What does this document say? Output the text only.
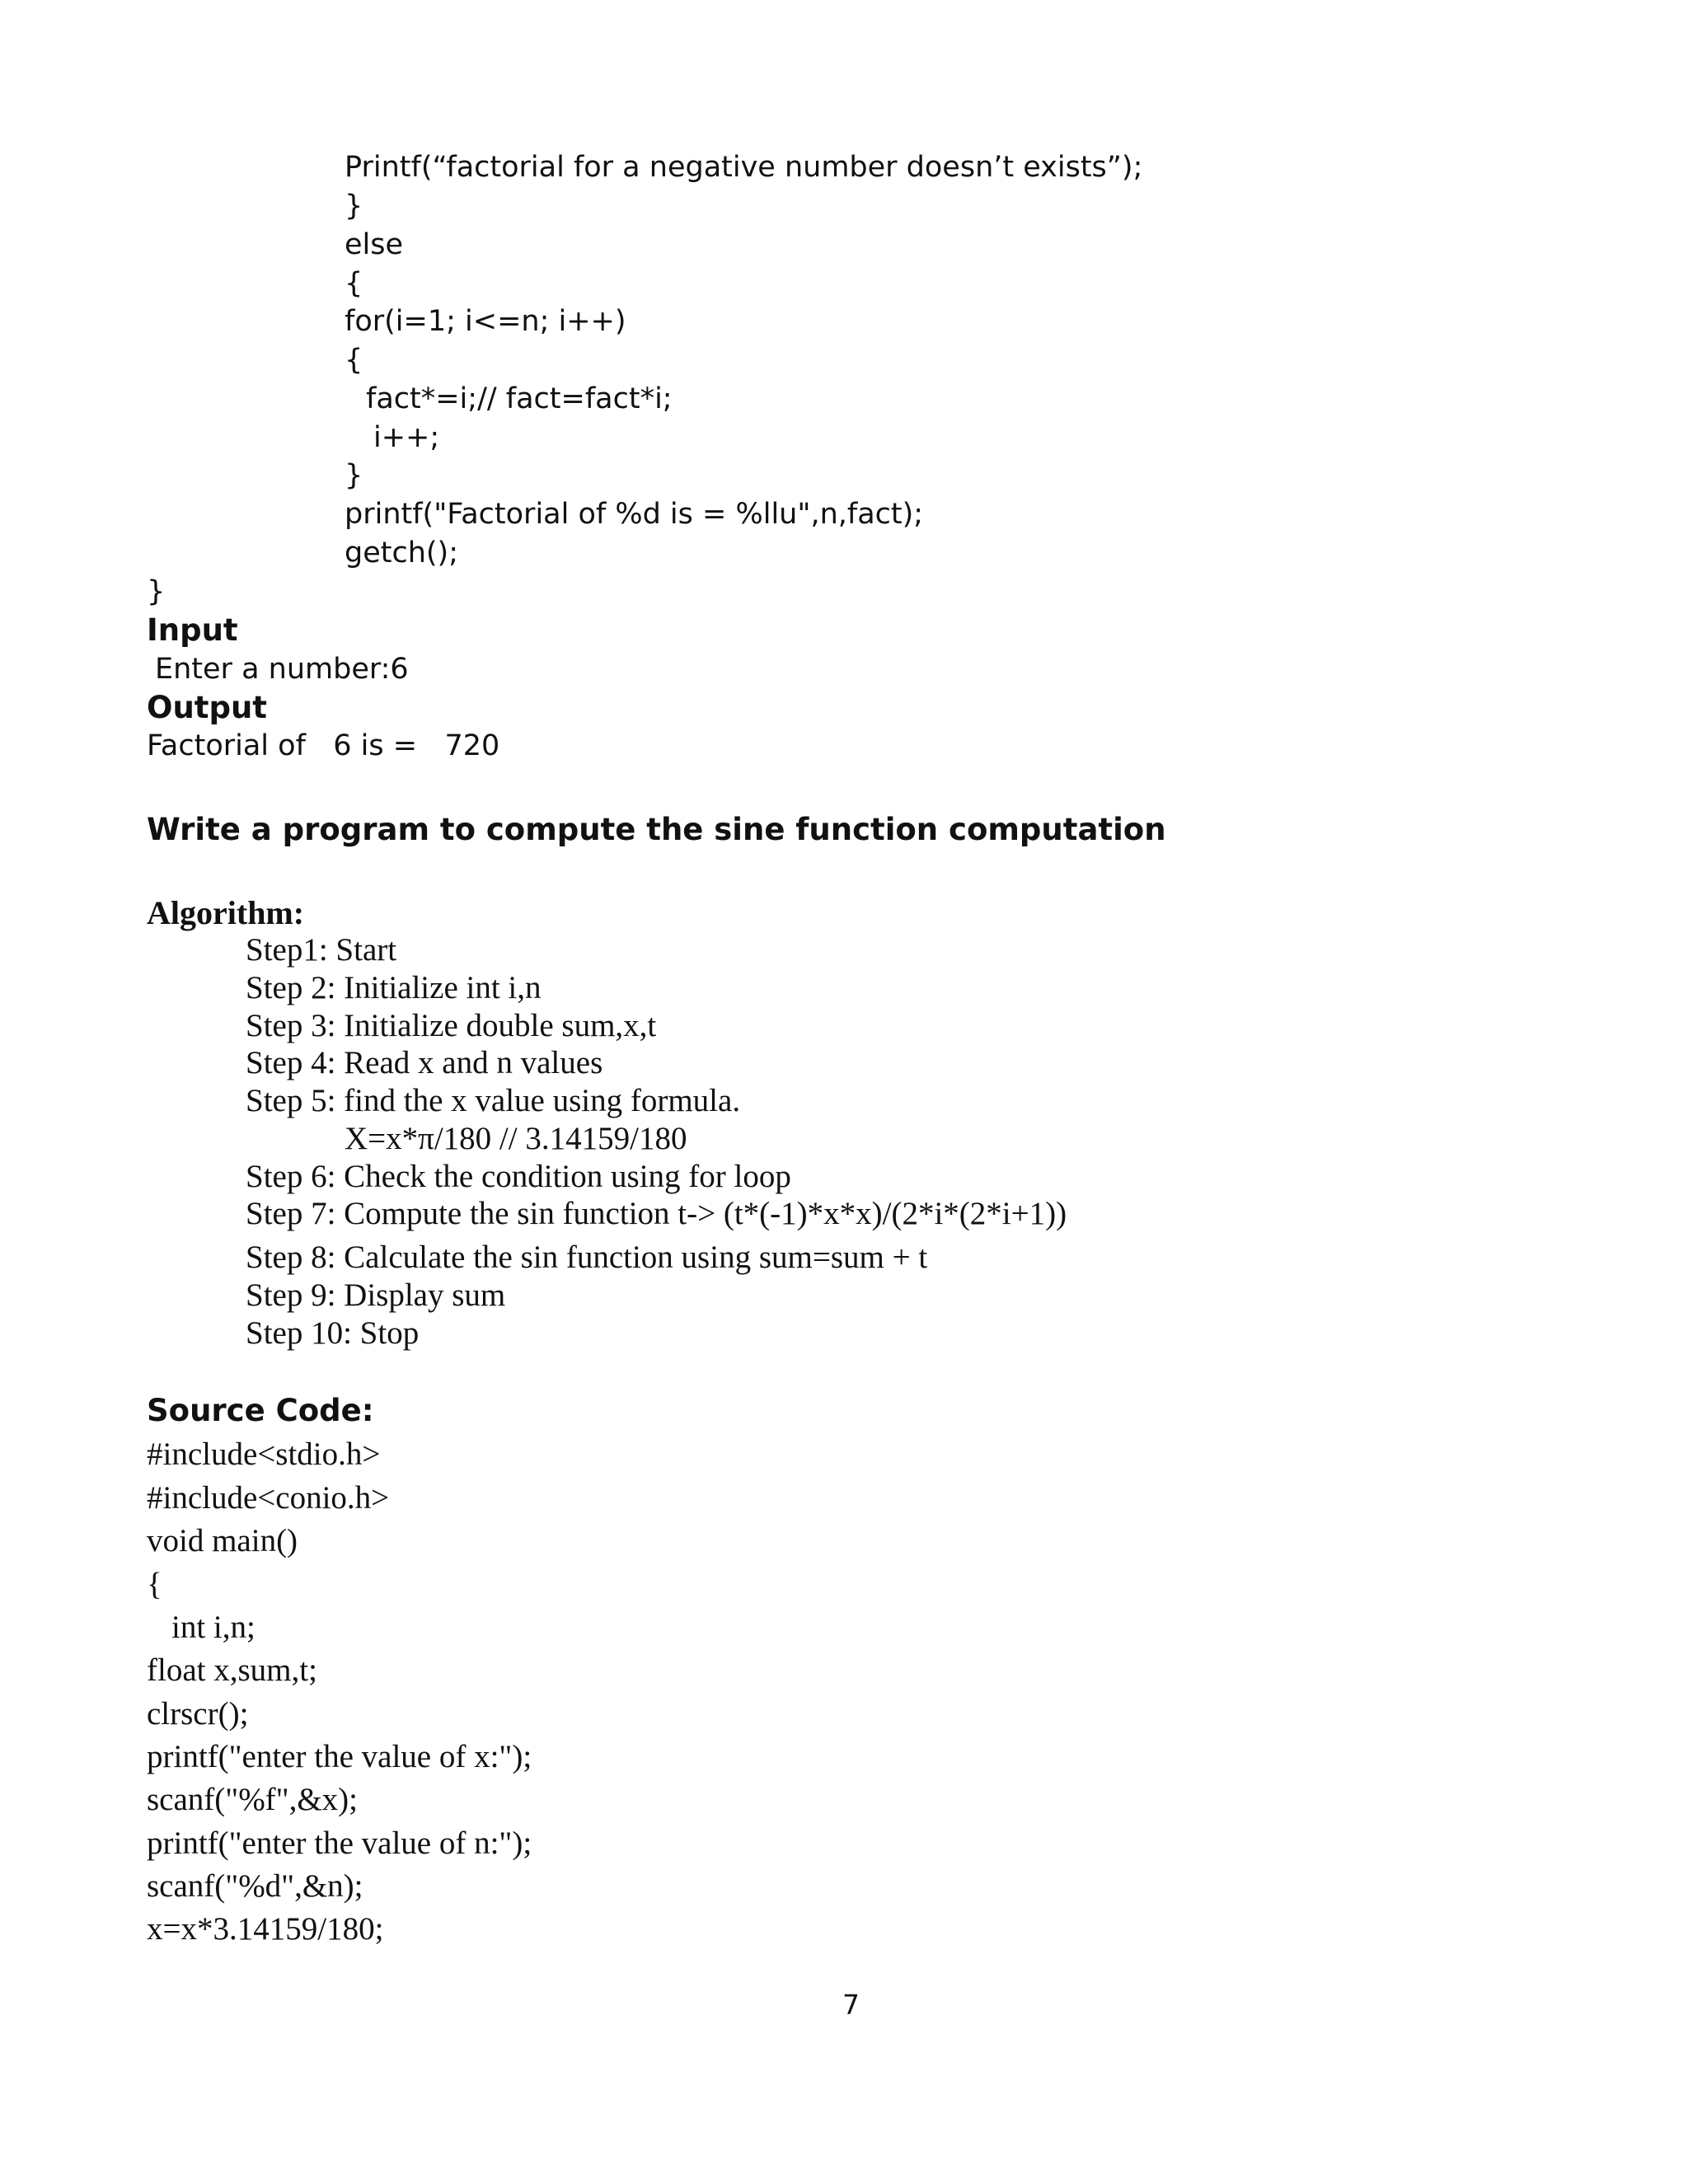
Printf(“factorial for a negative number doesn’t exists”);
}
else
{
for(i=1; i<=n; i++)
{
fact*=i;// fact=fact*i;
i++;
}
printf("Factorial of %d is = %llu",n,fact);
getch();
}
Input
Enter a number:6
Output
Factorial of   6 is =   720
Write a program to compute the sine function computation
Algorithm:
Step1: Start
Step 2: Initialize int i,n
Step 3: Initialize double sum,x,t
Step 4: Read x and n values
Step 5: find the x value using formula.
X=x*π/180 // 3.14159/180
Step 6: Check the condition using for loop
Step 7: Compute the sin function t-> (t*(-1)*x*x)/(2*i*(2*i+1))
Step 8: Calculate the sin function using sum=sum + t
Step 9: Display sum
Step 10: Stop
Source Code:
#include<stdio.h>
#include<conio.h>
void main()
{
int i,n;
float x,sum,t;
clrscr();
printf("enter the value of x:");
scanf("%f",&x);
printf("enter the value of n:");
scanf("%d",&n);
x=x*3.14159/180;
7
